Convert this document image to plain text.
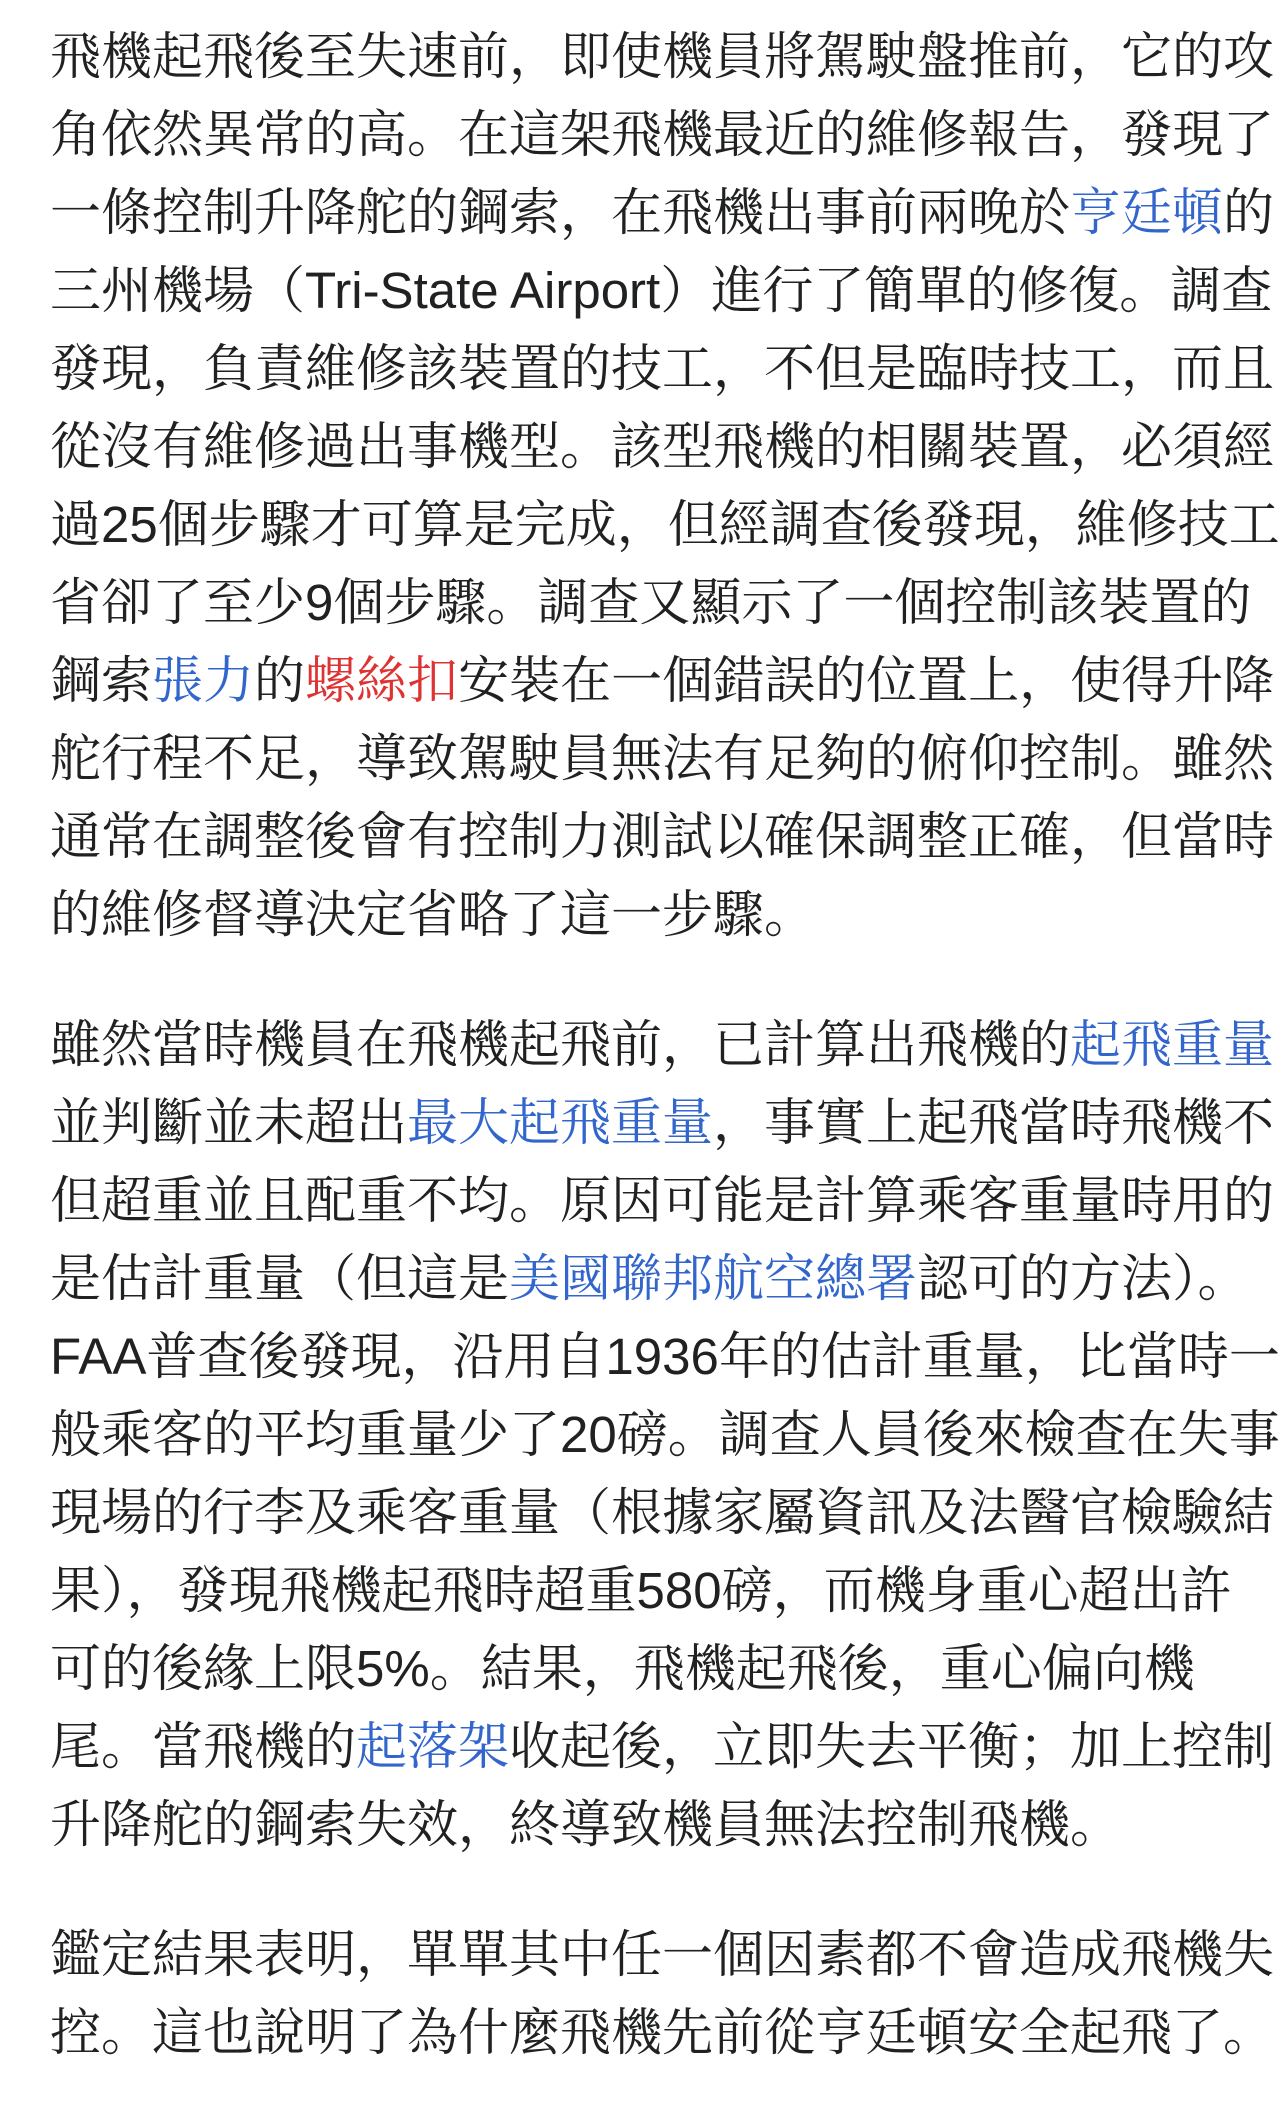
飛機起飛後至失速前，即使機員將駕駛盤推前，它的攻
角依然異常的高。在這架飛機最近的維修報告，發現了
一條控制升降舵的鋼索，在飛機出事前兩晚於亨廷頓的
三州機場（Tri-State Airport）進行了簡單的修復。調查
發現，負責維修該裝置的技工，不但是臨時技工，而且
從沒有維修過出事機型。該型飛機的相關裝置，必須經
過25個步驟才可算是完成，但經調查後發現，維修技工
省卻了至少9個步驟。調查又顯示了一個控制該裝置的
鋼索張力的螺絲扣安裝在一個錯誤的位置上，使得升降
舵行程不足，導致駕駛員無法有足夠的俯仰控制。雖然
通常在調整後會有控制力測試以確保調整正確，但當時
的維修督導決定省略了這一步驟。

雖然當時機員在飛機起飛前，已計算出飛機的起飛重量
並判斷並未超出最大起飛重量，事實上起飛當時飛機不
但超重並且配重不均。原因可能是計算乘客重量時用的
是估計重量（但這是美國聯邦航空總署認可的方法）。
FAA普查後發現，沿用自1936年的估計重量，比當時一
般乘客的平均重量少了20磅。調查人員後來檢查在失事
現場的行李及乘客重量（根據家屬資訊及法醫官檢驗結
果），發現飛機起飛時超重580磅，而機身重心超出許
可的後緣上限5%。結果，飛機起飛後，重心偏向機
尾。當飛機的起落架收起後，立即失去平衡；加上控制
升降舵的鋼索失效，終導致機員無法控制飛機。

鑑定結果表明，單單其中任一個因素都不會造成飛機失
控。這也說明了為什麼飛機先前從亨廷頓安全起飛了。
